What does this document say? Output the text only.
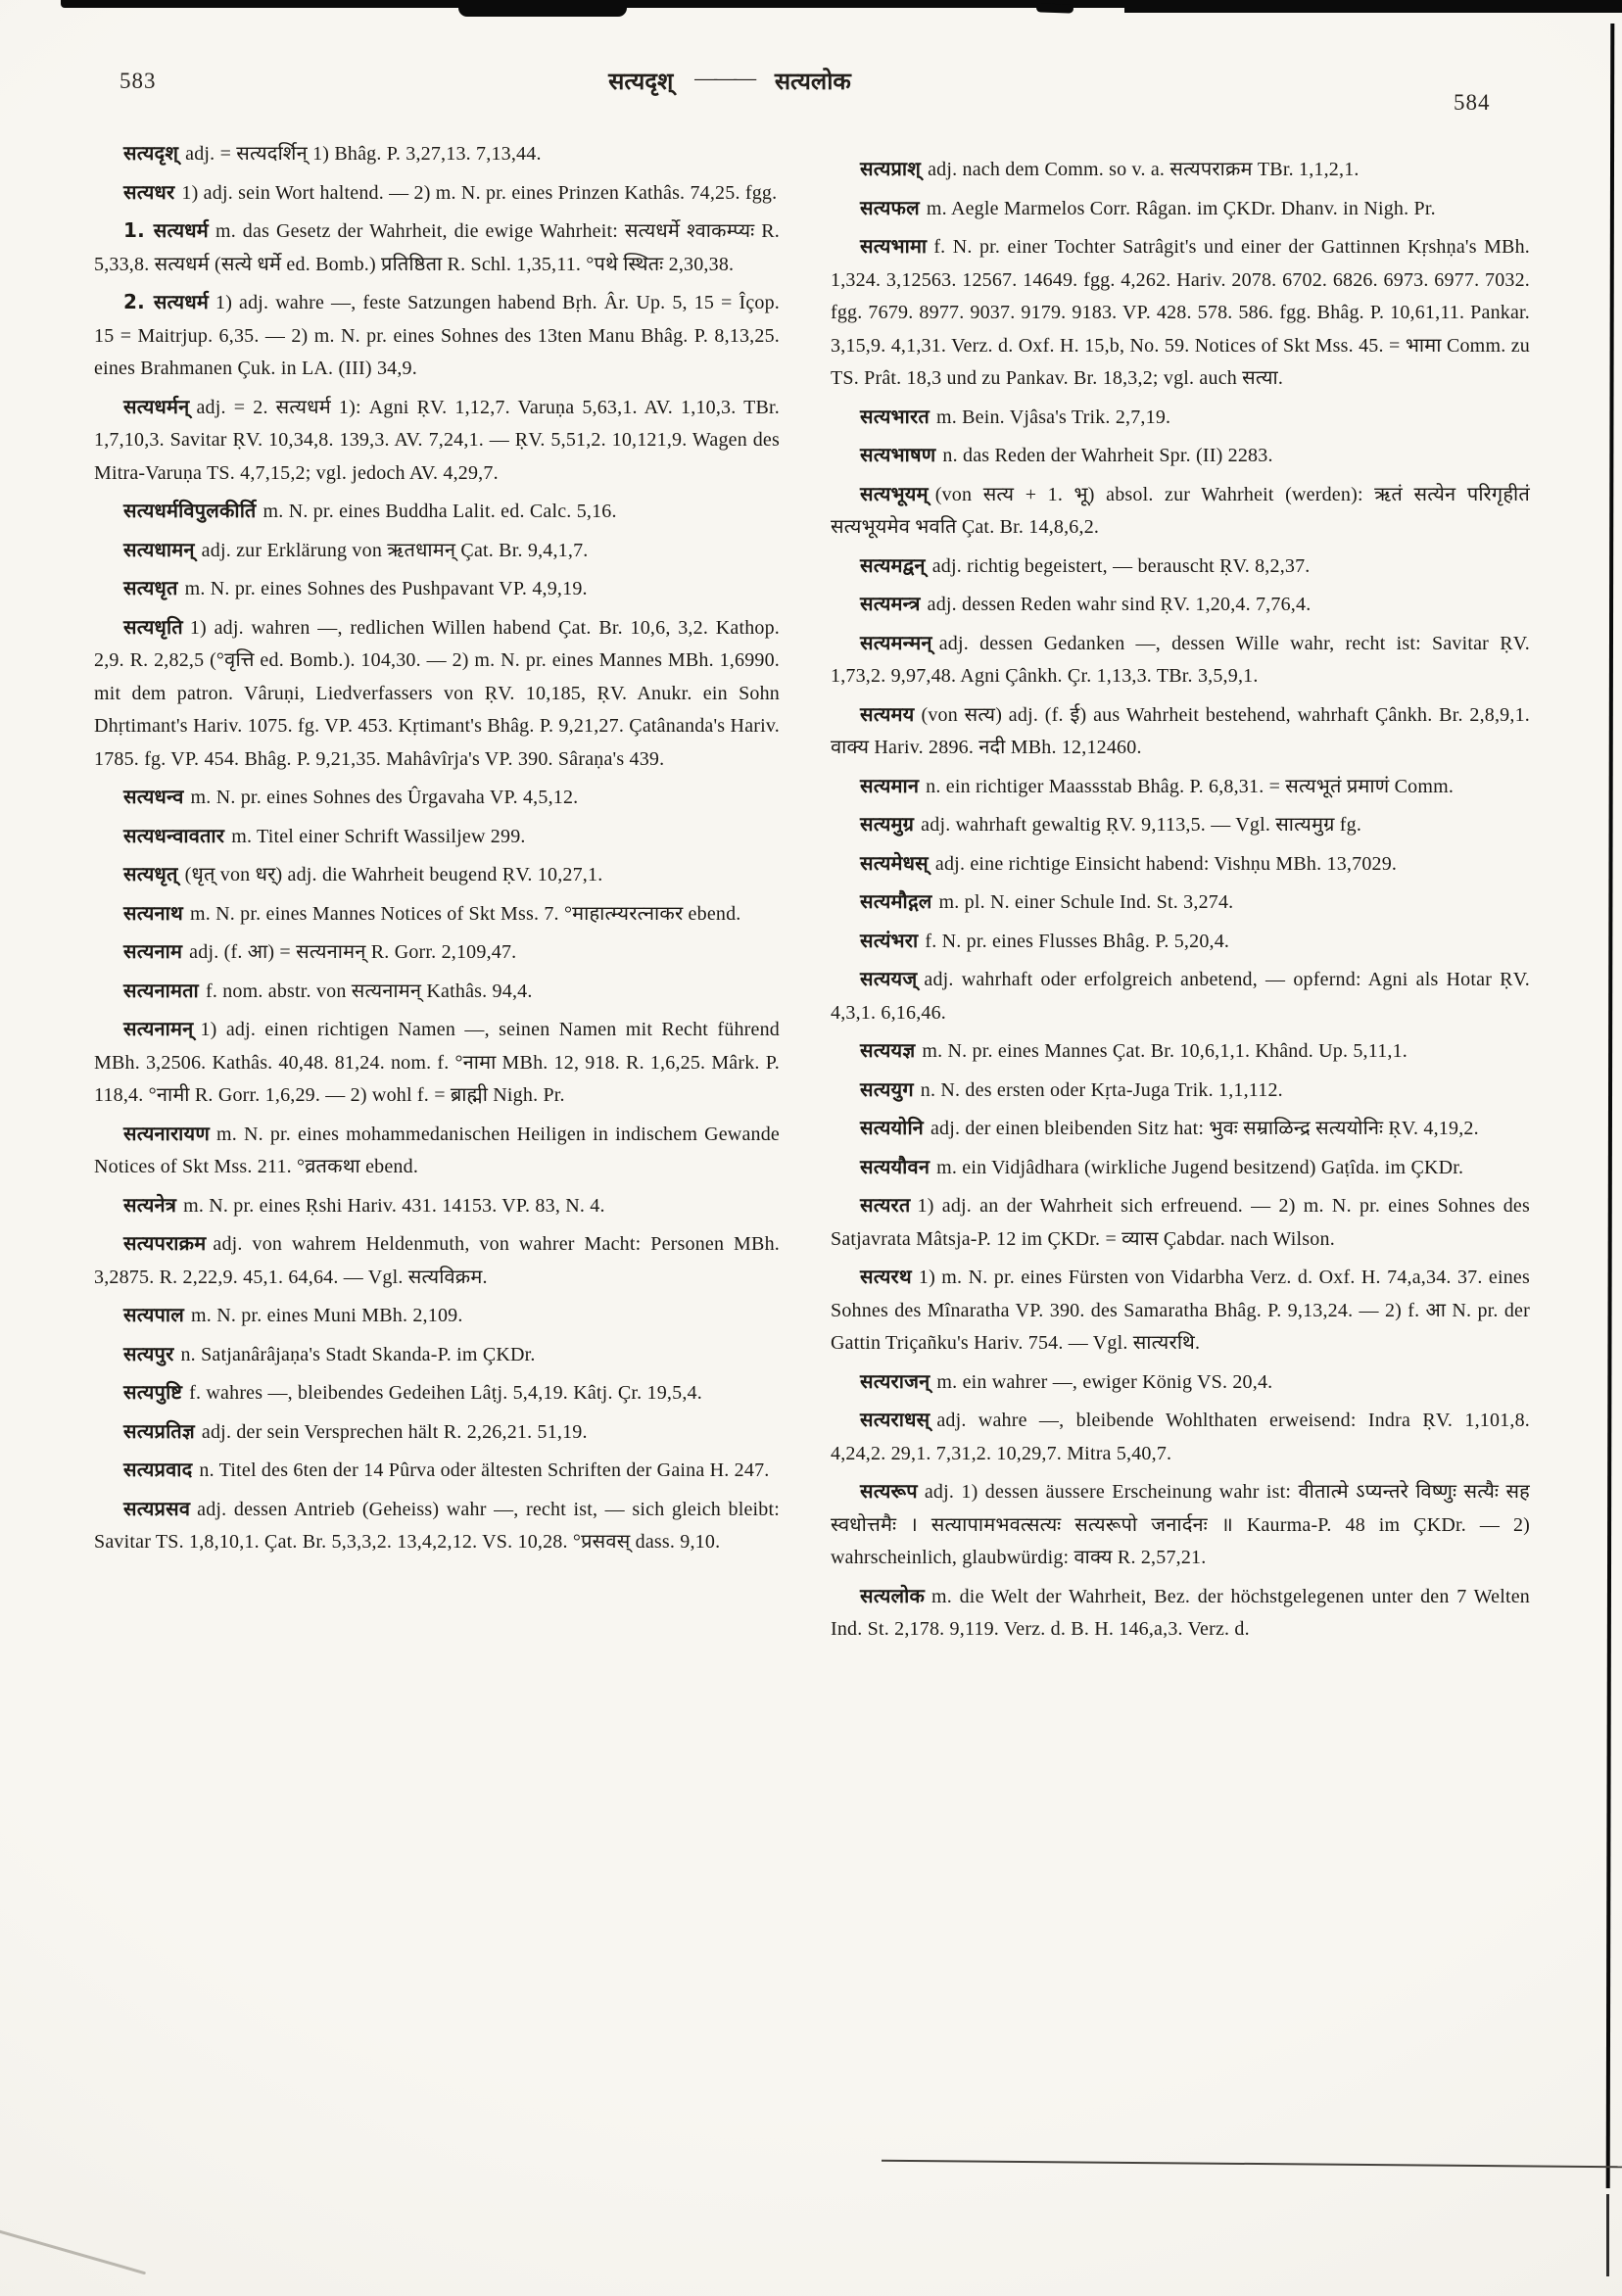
583	सत्यदृश् ——— सत्यलोक
584

सत्यदृश् adj. = सत्यदर्शिन् 1) Bhâg. P. 3,27,13. 7,13,44.

सत्यधर 1) adj. sein Wort haltend. — 2) m. N. pr. eines Prinzen Kathâs. 74,25. fgg.

1. सत्यधर्म m. das Gesetz der Wahrheit, die ewige Wahrheit: सत्यधर्मे श्वाकम्प्यः R. 5,33,8. सत्यधर्म (सत्ये धर्मे ed. Bomb.) प्रतिष्ठिता R. Schl. 1,35,11. °पथे स्थितः 2,30,38.

2. सत्यधर्म 1) adj. wahre —, feste Satzungen habend Bṛh. Âr. Up. 5, 15 = Îçop. 15 = Maitrjup. 6,35. — 2) m. N. pr. eines Sohnes des 13ten Manu Bhâg. P. 8,13,25. eines Brahmanen Çuk. in LA. (III) 34,9.

सत्यधर्मन् adj. = 2. सत्यधर्म 1): Agni ṚV. 1,12,7. Varuṇa 5,63,1. AV. 1,10,3. TBr. 1,7,10,3. Savitar ṚV. 10,34,8. 139,3. AV. 7,24,1. — ṚV. 5,51,2. 10,121,9. Wagen des Mitra-Varuṇa TS. 4,7,15,2; vgl. jedoch AV. 4,29,7.

सत्यधर्मविपुलकीर्ति m. N. pr. eines Buddha Lalit. ed. Calc. 5,16.

सत्यधामन् adj. zur Erklärung von ऋतधामन् Çat. Br. 9,4,1,7.

सत्यधृत m. N. pr. eines Sohnes des Pushpavant VP. 4,9,19.

सत्यधृति 1) adj. wahren —, redlichen Willen habend Çat. Br. 10,6, 3,2. Kathop. 2,9. R. 2,82,5 (°वृत्ति ed. Bomb.). 104,30. — 2) m. N. pr. eines Mannes MBh. 1,6990. mit dem patron. Vâruṇi, Liedverfassers von ṚV. 10,185, ṚV. Anukr. ein Sohn Dhṛtimant's Hariv. 1075. fg. VP. 453. Kṛtimant's Bhâg. P. 9,21,27. Çatânanda's Hariv. 1785. fg. VP. 454. Bhâg. P. 9,21,35. Mahâvîrja's VP. 390. Sâraṇa's 439.

सत्यधन्व m. N. pr. eines Sohnes des Ûrgavaha VP. 4,5,12.

सत्यधन्वावतार m. Titel einer Schrift Wassiljew 299.

सत्यधृत् (धृत् von धर्) adj. die Wahrheit beugend ṚV. 10,27,1.

सत्यनाथ m. N. pr. eines Mannes Notices of Skt Mss. 7. °माहात्म्यरत्नाकर ebend.

सत्यनाम adj. (f. आ) = सत्यनामन् R. Gorr. 2,109,47.

सत्यनामता f. nom. abstr. von सत्यनामन् Kathâs. 94,4.

सत्यनामन् 1) adj. einen richtigen Namen —, seinen Namen mit Recht führend MBh. 3,2506. Kathâs. 40,48. 81,24. nom. f. °नामा MBh. 12, 918. R. 1,6,25. Mârk. P. 118,4. °नामी R. Gorr. 1,6,29. — 2) wohl f. = ब्राह्मी Nigh. Pr.

सत्यनारायण m. N. pr. eines mohammedanischen Heiligen in indischem Gewande Notices of Skt Mss. 211. °व्रतकथा ebend.

सत्यनेत्र m. N. pr. eines Ṛshi Hariv. 431. 14153. VP. 83, N. 4.

सत्यपराक्रम adj. von wahrem Heldenmuth, von wahrer Macht: Personen MBh. 3,2875. R. 2,22,9. 45,1. 64,64. — Vgl. सत्यविक्रम.

सत्यपाल m. N. pr. eines Muni MBh. 2,109.

सत्यपुर n. Satjanârâjaṇa's Stadt Skanda-P. im ÇKDr.

सत्यपुष्टि f. wahres —, bleibendes Gedeihen Lâṭj. 5,4,19. Kâtj. Çr. 19,5,4.

सत्यप्रतिज्ञ adj. der sein Versprechen hält R. 2,26,21. 51,19.

सत्यप्रवाद n. Titel des 6ten der 14 Pûrva oder ältesten Schriften der Gaina H. 247.

सत्यप्रसव adj. dessen Antrieb (Geheiss) wahr —, recht ist, — sich gleich bleibt: Savitar TS. 1,8,10,1. Çat. Br. 5,3,3,2. 13,4,2,12. VS. 10,28. °प्रसवस् dass. 9,10.

सत्यप्राश् adj. nach dem Comm. so v. a. सत्यपराक्रम TBr. 1,1,2,1.

सत्यफल m. Aegle Marmelos Corr. Râgan. im ÇKDr. Dhanv. in Nigh. Pr.

सत्यभामा f. N. pr. einer Tochter Satrâgit's und einer der Gattinnen Kṛshṇa's MBh. 1,324. 3,12563. 12567. 14649. fgg. 4,262. Hariv. 2078. 6702. 6826. 6973. 6977. 7032. fgg. 7679. 8977. 9037. 9179. 9183. VP. 428. 578. 586. fgg. Bhâg. P. 10,61,11. Pankar. 3,15,9. 4,1,31. Verz. d. Oxf. H. 15,b, No. 59. Notices of Skt Mss. 45. = भामा Comm. zu TS. Prât. 18,3 und zu Pankav. Br. 18,3,2; vgl. auch सत्या.

सत्यभारत m. Bein. Vjâsa's Trik. 2,7,19.

सत्यभाषण n. das Reden der Wahrheit Spr. (II) 2283.

सत्यभूयम् (von सत्य + 1. भू) absol. zur Wahrheit (werden): ऋतं सत्येन परिगृहीतं सत्यभूयमेव भवति Çat. Br. 14,8,6,2.

सत्यमद्वन् adj. richtig begeistert, — berauscht ṚV. 8,2,37.

सत्यमन्त्र adj. dessen Reden wahr sind ṚV. 1,20,4. 7,76,4.

सत्यमन्मन् adj. dessen Gedanken —, dessen Wille wahr, recht ist: Savitar ṚV. 1,73,2. 9,97,48. Agni Çânkh. Çr. 1,13,3. TBr. 3,5,9,1.

सत्यमय (von सत्य) adj. (f. ई) aus Wahrheit bestehend, wahrhaft Çânkh. Br. 2,8,9,1. वाक्य Hariv. 2896. नदी MBh. 12,12460.

सत्यमान n. ein richtiger Maassstab Bhâg. P. 6,8,31. = सत्यभूतं प्रमाणं Comm.

सत्यमुग्र adj. wahrhaft gewaltig ṚV. 9,113,5. — Vgl. सात्यमुग्र fg.

सत्यमेधस् adj. eine richtige Einsicht habend: Vishṇu MBh. 13,7029.

सत्यमौद्गल m. pl. N. einer Schule Ind. St. 3,274.

सत्यंभरा f. N. pr. eines Flusses Bhâg. P. 5,20,4.

सत्ययज् adj. wahrhaft oder erfolgreich anbetend, — opfernd: Agni als Hotar ṚV. 4,3,1. 6,16,46.

सत्ययज्ञ m. N. pr. eines Mannes Çat. Br. 10,6,1,1. Khând. Up. 5,11,1.

सत्ययुग n. N. des ersten oder Kṛta-Juga Trik. 1,1,112.

सत्ययोनि adj. der einen bleibenden Sitz hat: भुवः सम्राळिन्द्र सत्ययोनिः ṚV. 4,19,2.

सत्ययौवन m. ein Vidjâdhara (wirkliche Jugend besitzend) Gaṭîda. im ÇKDr.

सत्यरत 1) adj. an der Wahrheit sich erfreuend. — 2) m. N. pr. eines Sohnes des Satjavrata Mâtsja-P. 12 im ÇKDr. = व्यास Çabdar. nach Wilson.

सत्यरथ 1) m. N. pr. eines Fürsten von Vidarbha Verz. d. Oxf. H. 74,a,34. 37. eines Sohnes des Mînaratha VP. 390. des Samaratha Bhâg. P. 9,13,24. — 2) f. आ N. pr. der Gattin Triçañku's Hariv. 754. — Vgl. सात्यरथि.

सत्यराजन् m. ein wahrer —, ewiger König VS. 20,4.

सत्यराधस् adj. wahre —, bleibende Wohlthaten erweisend: Indra ṚV. 1,101,8. 4,24,2. 29,1. 7,31,2. 10,29,7. Mitra 5,40,7.

सत्यरूप adj. 1) dessen äussere Erscheinung wahr ist: वीतात्मे ऽप्यन्तरे विष्णुः सत्यैः सह स्वधोत्तमैः । सत्यापामभवत्सत्यः सत्यरूपो जनार्दनः ॥ Kaurma-P. 48 im ÇKDr. — 2) wahrscheinlich, glaubwürdig: वाक्य R. 2,57,21.

सत्यलोक m. die Welt der Wahrheit, Bez. der höchstgelegenen unter den 7 Welten Ind. St. 2,178. 9,119. Verz. d. B. H. 146,a,3. Verz. d.
